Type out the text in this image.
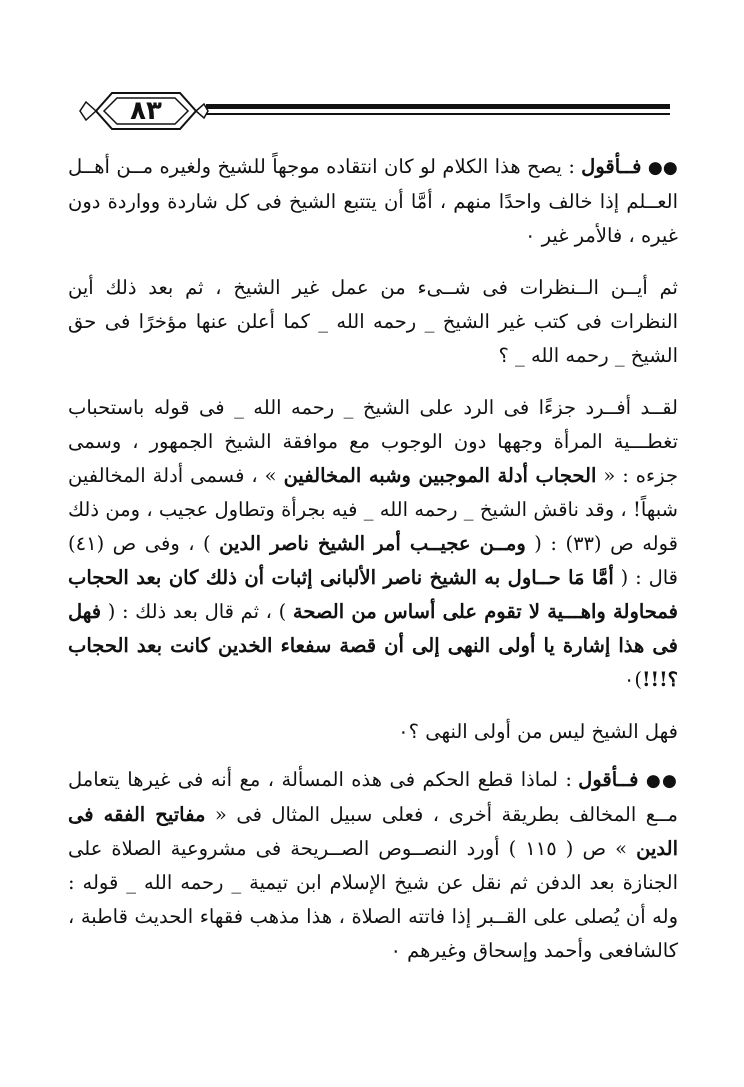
٨٣

●● فــأقول : يصح هذا الكلام لو كان انتقاده موجهاً للشيخ ولغيره مــن أهــل العــلم إذا خالف واحدًا منهم ، أمَّا أن يتتبع الشيخ فى كل شاردة وواردة دون غيره ، فالأمر غير ٠

ثم أيــن الــنظرات فى شــىء من عمل غير الشيخ ، ثم بعد ذلك أين النظرات فى كتب غير الشيخ _ رحمه الله _ كما أعلن عنها مؤخرًا فى حق الشيخ _ رحمه الله _ ؟

لقــد أفــرد جزءًا فى الرد على الشيخ _ رحمه الله _ فى قوله باستحباب تغطـــية المرأة وجهها دون الوجوب مع موافقة الشيخ الجمهور ، وسمى جزءه : « الحجاب أدلة الموجبين وشبه المخالفين » ، فسمى أدلة المخالفين شبهاً! ، وقد ناقش الشيخ _ رحمه الله _ فيه بجرأة وتطاول عجيب ، ومن ذلك قوله ص (٣٣) : ( ومــن عجيــب أمر الشيخ ناصر الدين ) ، وفى ص (٤١) قال : ( أمَّا مَا حــاول به الشيخ ناصر الألبانى إثبات أن ذلك كان بعد الحجاب فمحاولة واهـــية لا تقوم على أساس من الصحة ) ، ثم قال بعد ذلك : ( فهل فى هذا إشارة يا أولى النهى إلى أن قصة سفعاء الخدين كانت بعد الحجاب ؟!!!)٠

فهل الشيخ ليس من أولى النهى ؟٠

●● فــأقول : لماذا قطع الحكم فى هذه المسألة ، مع أنه فى غيرها يتعامل مــع المخالف بطريقة أخرى ، فعلى سبيل المثال فى « مفاتيح الفقه فى الدين » ص ( ١١٥ ) أورد النصــوص الصــريحة فى مشروعية الصلاة على الجنازة بعد الدفن ثم نقل عن شيخ الإسلام ابن تيمية _ رحمه الله _ قوله : وله أن يُصلى على القــبر إذا فاتته الصلاة ، هذا مذهب فقهاء الحديث قاطبة ، كالشافعى وأحمد وإسحاق وغيرهم ٠
